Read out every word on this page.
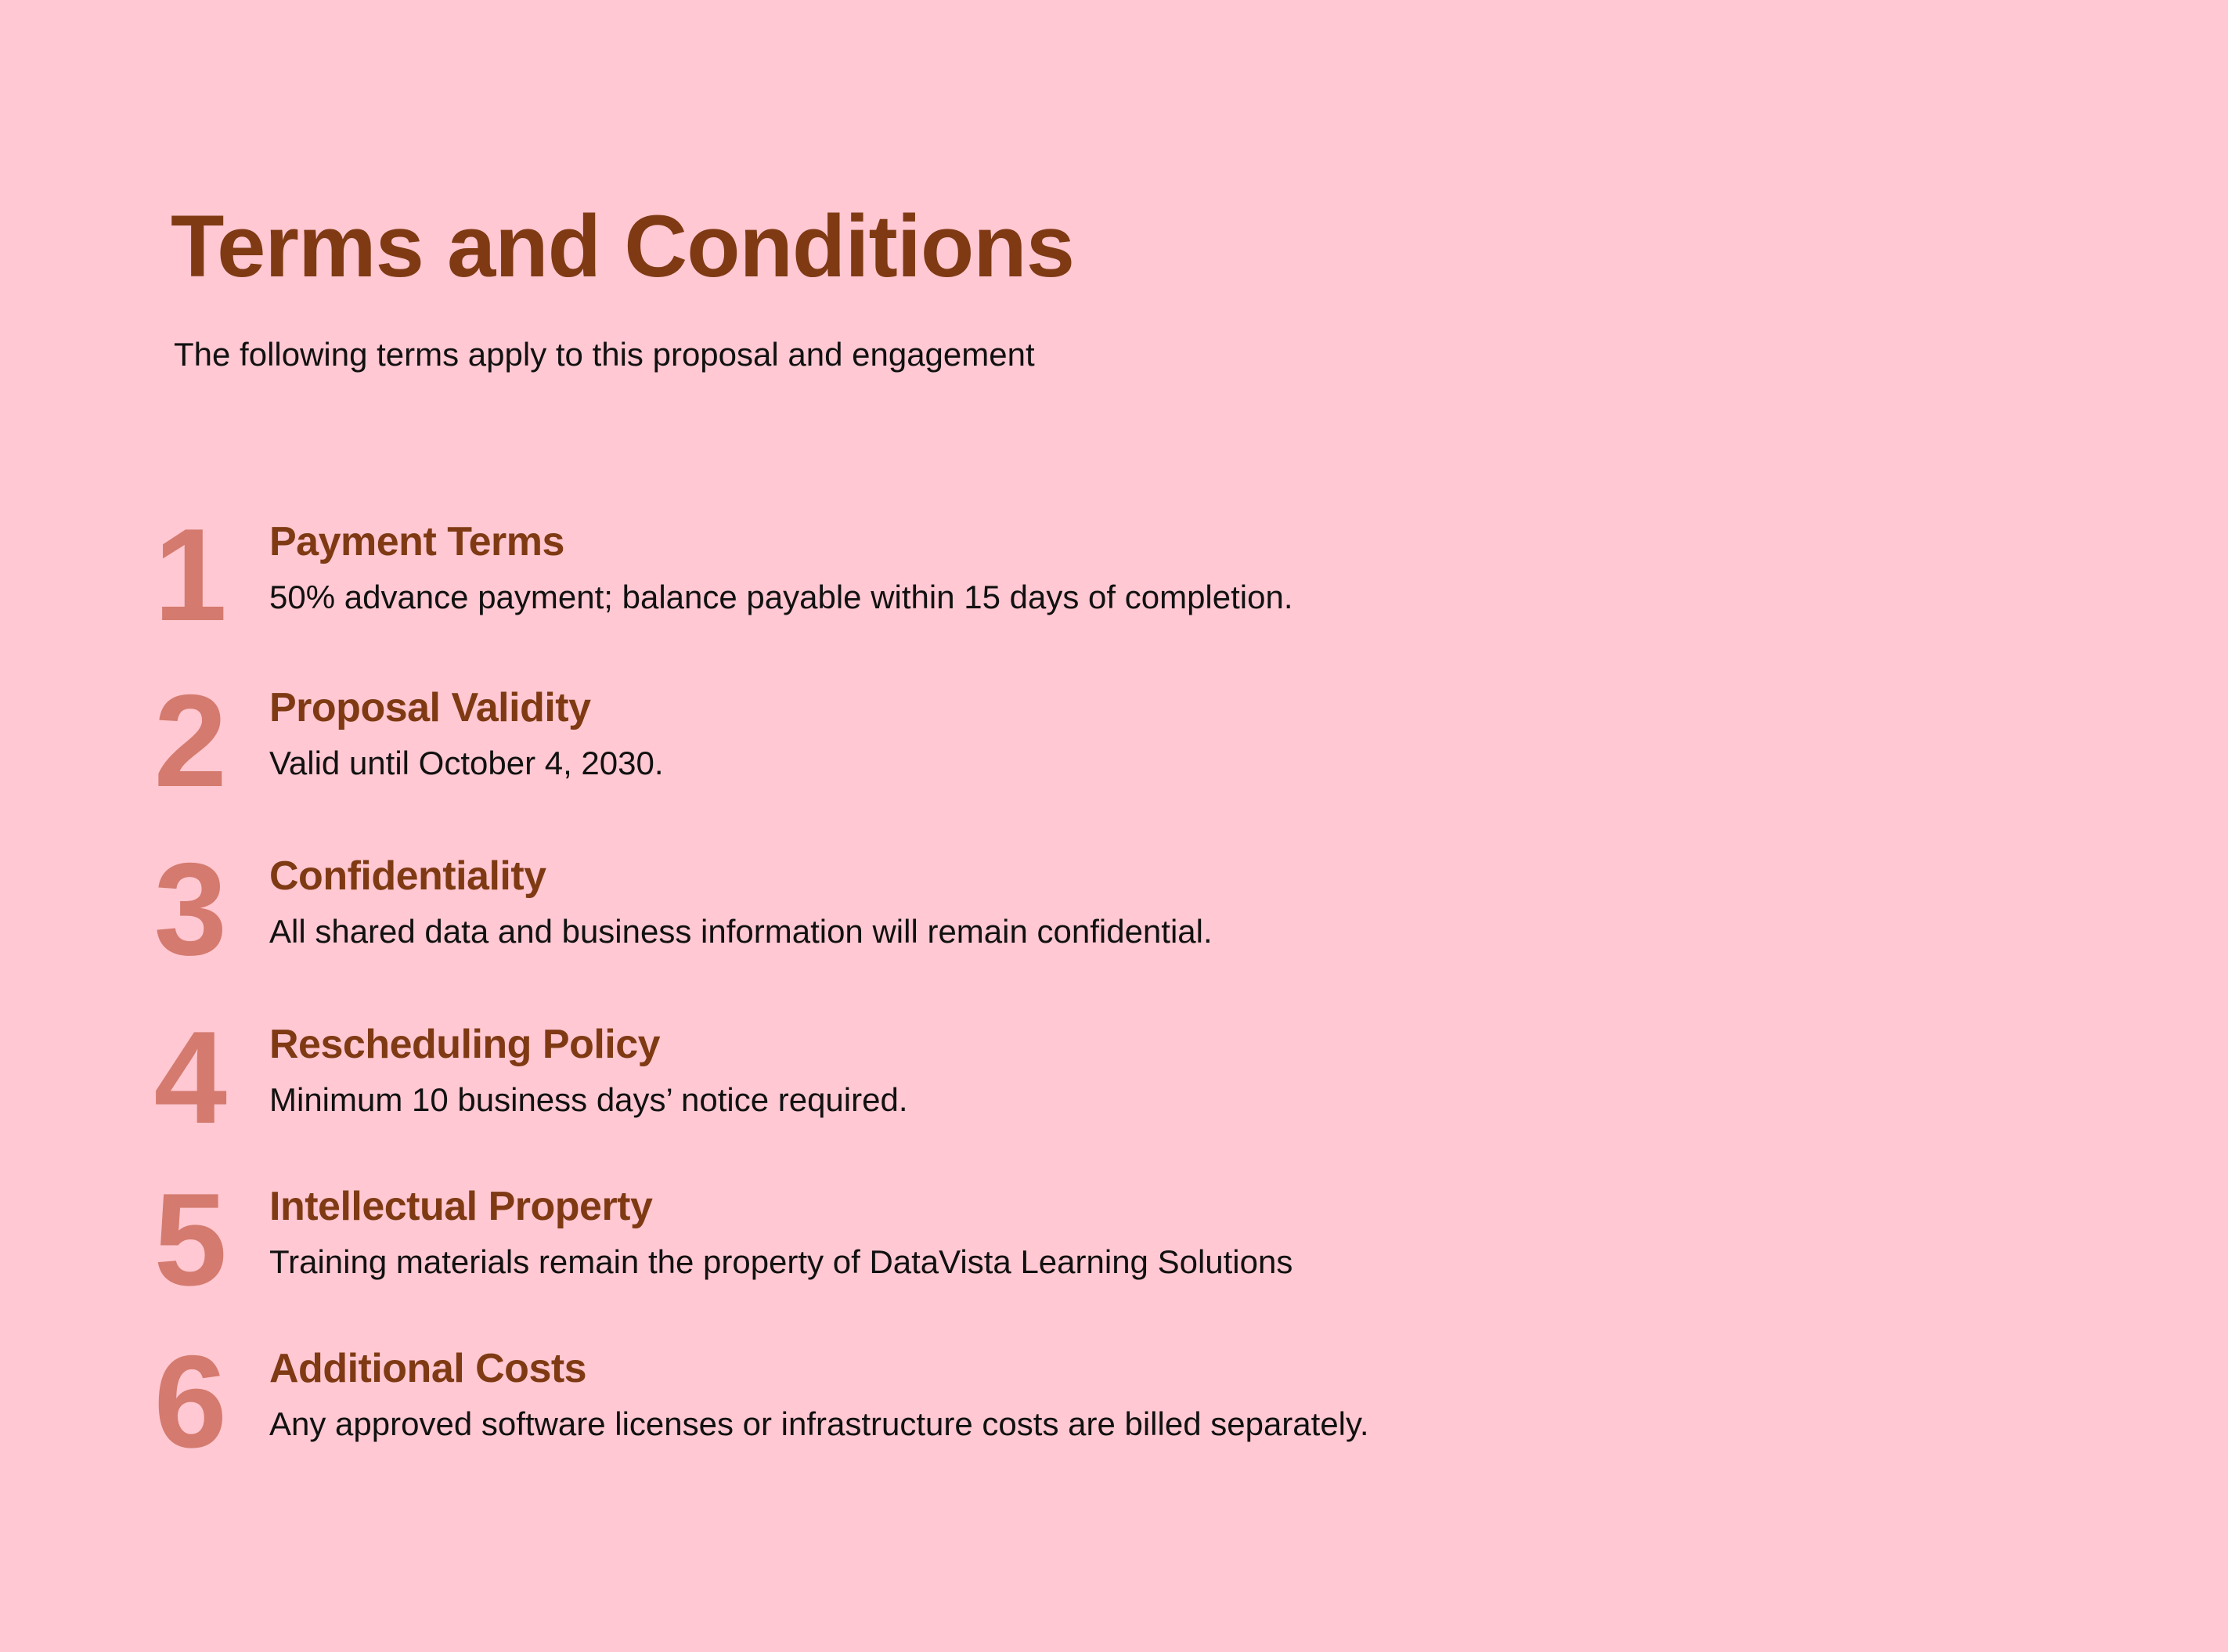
Terms and Conditions

The following terms apply to this proposal and engagement

1 Payment Terms

50% advance payment; balance payable within 15 days of completion.

2 Proposal Validity

Valid until October 4, 2030.

3 Confidentiality

All shared data and business information will remain confidential.

4 Rescheduling Policy

Minimum 10 business days’ notice required.

5 Intellectual Property

Training materials remain the property of DataVista Learning Solutions

6 Additional Costs

Any approved software licenses or infrastructure costs are billed separately.
